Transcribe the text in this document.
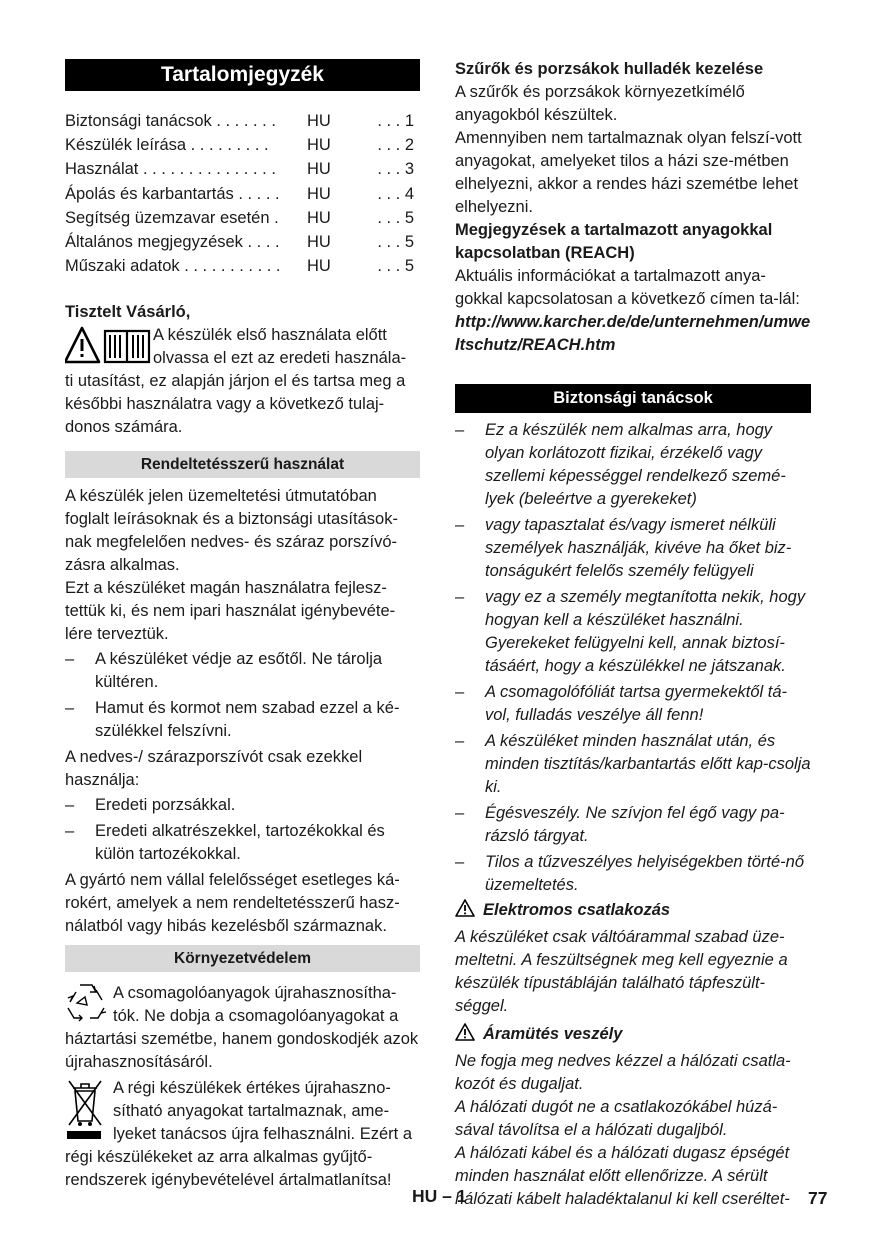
Tartalomjegyzék
Biztonsági tanácsok . . . . . . .	HU	. . . 1
Készülék leírása . . . . . . . . .	HU	. . . 2
Használat . . . . . . . . . . . . . . .	HU	. . . 3
Ápolás és karbantartás . . . . .	HU	. . . 4
Segítség üzemzavar esetén .	HU	. . . 5
Általános megjegyzések . . . .	HU	. . . 5
Műszaki adatok . . . . . . . . . . .	HU	. . . 5

Tisztelt Vásárló,

A készülék első használata előtt

olvassa el ezt az eredeti használa-

ti utasítást, ez alapján járjon el és tartsa meg a későbbi használatra vagy a következő tulaj-donos számára.

Rendeltetésszerű használat

A készülék jelen üzemeltetési útmutatóban foglalt leírásoknak és a biztonsági utasítások-nak megfelelően nedves- és száraz porszívó-zásra alkalmas.

Ezt a készüléket magán használatra fejlesz-tettük ki, és nem ipari használat igénybevéte-lére terveztük.

–	A készüléket védje az esőtől. Ne tárolja kültéren.
–	Hamut és kormot nem szabad ezzel a ké-szülékkel felszívni.

A nedves-/ szárazporszívót csak ezekkel használja:

–	Eredeti porzsákkal.
–	Eredeti alkatrészekkel, tartozékokkal és külön tartozékokkal.

A gyártó nem vállal felelősséget esetleges ká-rokért, amelyek a nem rendeltetésszerű hasz-nálatból vagy hibás kezelésből származnak.

Környezetvédelem

A csomagolóanyagok újrahasznosítha-tók. Ne dobja a csomagolóanyagokat a háztartási szemétbe, hanem gondoskodjék azok újrahasznosításáról.

A régi készülékek értékes újrahaszno-sítható anyagokat tartalmaznak, ame-lyeket tanácsos újra felhasználni. Ezért a régi készülékeket az arra alkalmas gyűjtő-rendszerek igénybevételével ártalmatlanítsa!

Szűrők és porzsákok hulladék kezelése

A szűrők és porzsákok környezetkímélő anyagokból készültek.

Amennyiben nem tartalmaznak olyan felszí-vott anyagokat, amelyeket tilos a házi sze-métben elhelyezni, akkor a rendes házi szemétbe lehet elhelyezni.

Megjegyzések a tartalmazott anyagokkal kapcsolatban (REACH)

Aktuális információkat a tartalmazott anya-gokkal kapcsolatosan a következő címen ta-lál:

http://www.karcher.de/de/unternehmen/umweltschutz/REACH.htm

Biztonsági tanácsok
–	Ez a készülék nem alkalmas arra, hogy olyan korlátozott fizikai, érzékelő vagy szellemi képességgel rendelkező szemé-lyek (beleértve a gyerekeket)
–	vagy tapasztalat és/vagy ismeret nélküli személyek használják, kivéve ha őket biz-tonságukért felelős személy felügyeli
–	vagy ez a személy megtanította nekik, hogy hogyan kell a készüléket használni. Gyerekeket felügyelni kell, annak biztosí-tásáért, hogy a készülékkel ne játszanak.
–	A csomagolófóliát tartsa gyermekektől tá-vol, fulladás veszélye áll fenn!
–	A készüléket minden használat után, és minden tisztítás/karbantartás előtt kap-csolja ki.
–	Égésveszély. Ne szívjon fel égő vagy pa-rázsló tárgyat.
–	Tilos a tűzveszélyes helyiségekben törté-nő üzemeltetés.

Elektromos csatlakozás

A készüléket csak váltóárammal szabad üze-meltetni. A feszültségnek meg kell egyeznie a készülék típustábláján található tápfeszült-séggel.

Áramütés veszély

Ne fogja meg nedves kézzel a hálózati csatla-kozót és dugaljat.

A hálózati dugót ne a csatlakozókábel húzá-sával távolítsa el a hálózati dugaljból.

A hálózati kábel és a hálózati dugasz épségét minden használat előtt ellenőrizze. A sérült hálózati kábelt haladéktalanul ki kell cseréltet-

HU – 1	77
